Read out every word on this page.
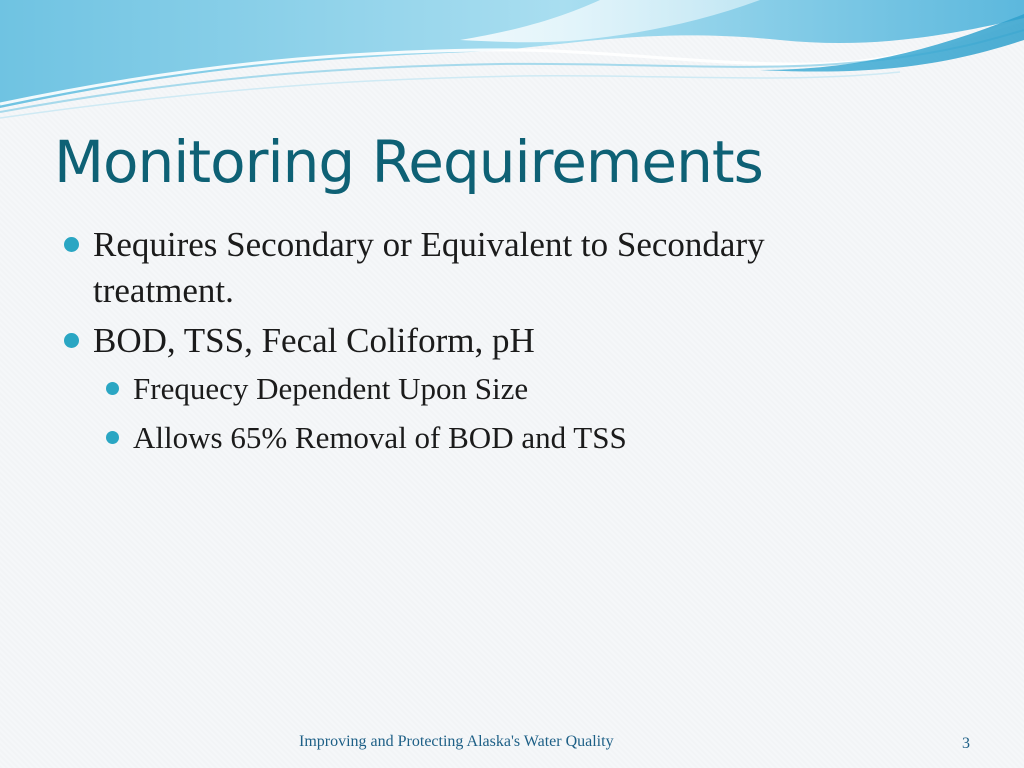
Monitoring Requirements
Requires Secondary or Equivalent to Secondary treatment.
BOD, TSS, Fecal Coliform, pH
Frequecy Dependent Upon Size
Allows 65% Removal of BOD and TSS
Improving and Protecting Alaska's Water Quality	3
